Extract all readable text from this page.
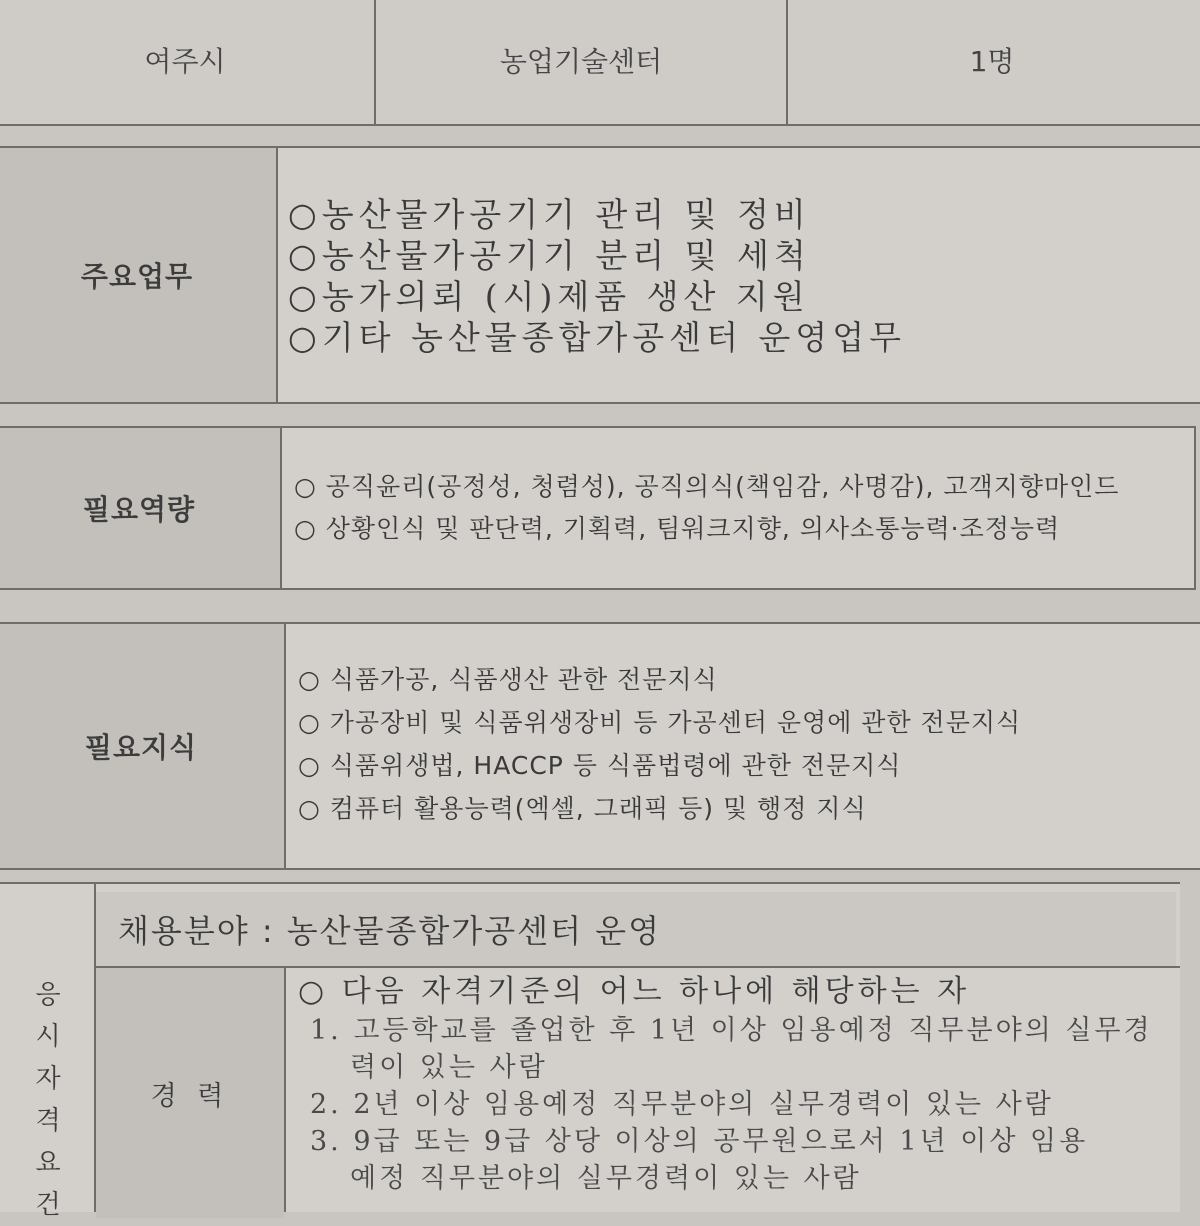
여주시	농업기술센터	1명
주요업무
○농산물가공기기 관리 및 정비
○농산물가공기기 분리 및 세척
○농가의뢰 (시)제품 생산 지원
○기타 농산물종합가공센터 운영업무
필요역량
○ 공직윤리(공정성, 청렴성), 공직의식(책임감, 사명감), 고객지향마인드
○ 상황인식 및 판단력, 기획력, 팀워크지향, 의사소통능력·조정능력
필요지식
○ 식품가공, 식품생산 관한 전문지식
○ 가공장비 및 식품위생장비 등 가공센터 운영에 관한 전문지식
○ 식품위생법, HACCP 등 식품법령에 관한 전문지식
○ 컴퓨터 활용능력(엑셀, 그래픽 등) 및 행정 지식
응
시
자
격
요
건
채용분야 : 농산물종합가공센터 운영
경 력
○ 다음 자격기준의 어느 하나에 해당하는 자
1. 고등학교를 졸업한 후 1년 이상 임용예정 직무분야의 실무경
력이 있는 사람
2. 2년 이상 임용예정 직무분야의 실무경력이 있는 사람
3. 9급 또는 9급 상당 이상의 공무원으로서 1년 이상 임용
예정 직무분야의 실무경력이 있는 사람
